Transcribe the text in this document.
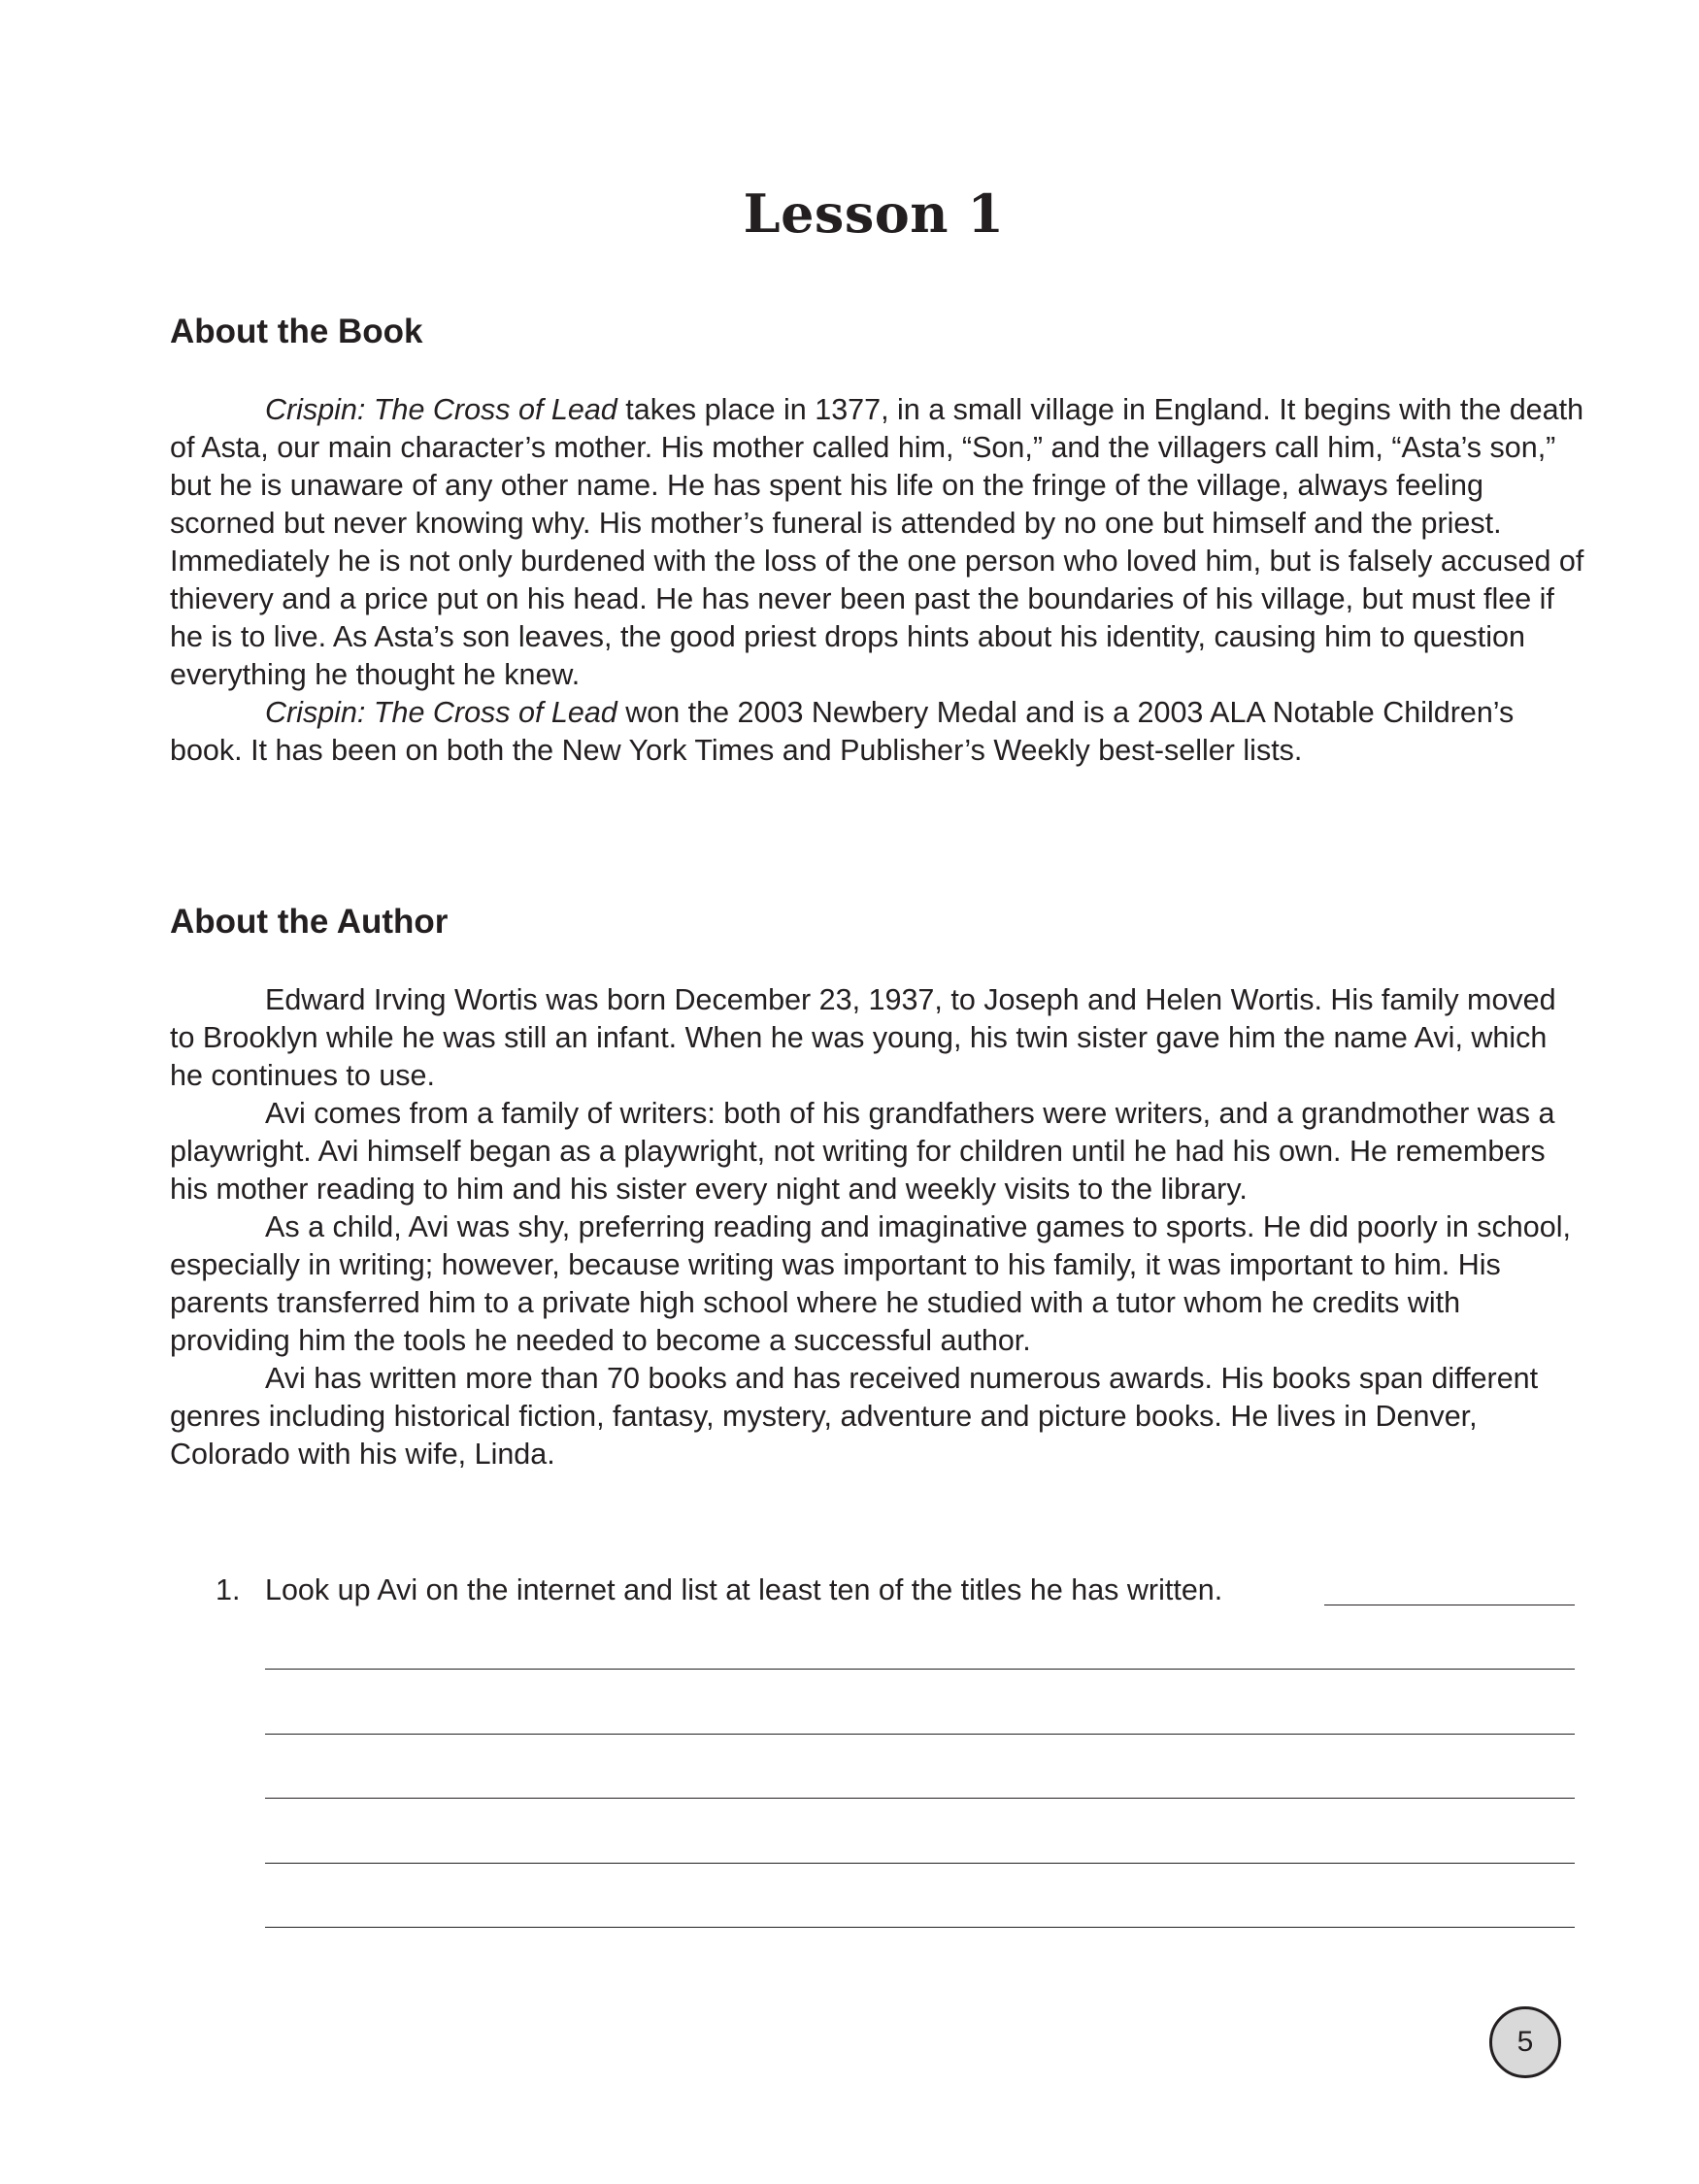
Lesson 1
About the Book

Crispin: The Cross of Lead takes place in 1377, in a small village in England. It begins with the death of Asta, our main character’s mother. His mother called him, “Son,” and the villagers call him, “Asta’s son,” but he is unaware of any other name. He has spent his life on the fringe of the village, always feeling scorned but never knowing why. His mother’s funeral is attended by no one but himself and the priest. Immediately he is not only burdened with the loss of the one person who loved him, but is falsely accused of thievery and a price put on his head. He has never been past the boundaries of his village, but must flee if he is to live. As Asta’s son leaves, the good priest drops hints about his identity, causing him to question everything he thought he knew.

Crispin: The Cross of Lead won the 2003 Newbery Medal and is a 2003 ALA Notable Children’s book. It has been on both the New York Times and Publisher’s Weekly best-seller lists.

About the Author

Edward Irving Wortis was born December 23, 1937, to Joseph and Helen Wortis. His family moved to Brooklyn while he was still an infant. When he was young, his twin sister gave him the name Avi, which he continues to use.

Avi comes from a family of writers: both of his grandfathers were writers, and a grandmother was a playwright. Avi himself began as a playwright, not writing for children until he had his own. He remembers his mother reading to him and his sister every night and weekly visits to the library.

As a child, Avi was shy, preferring reading and imaginative games to sports. He did poorly in school, especially in writing; however, because writing was important to his family, it was important to him. His parents transferred him to a private high school where he studied with a tutor whom he credits with providing him the tools he needed to become a successful author.

Avi has written more than 70 books and has received numerous awards. His books span different genres including historical fiction, fantasy, mystery, adventure and picture books. He lives in Denver, Colorado with his wife, Linda.

1. Look up Avi on the internet and list at least ten of the titles he has written.
5
